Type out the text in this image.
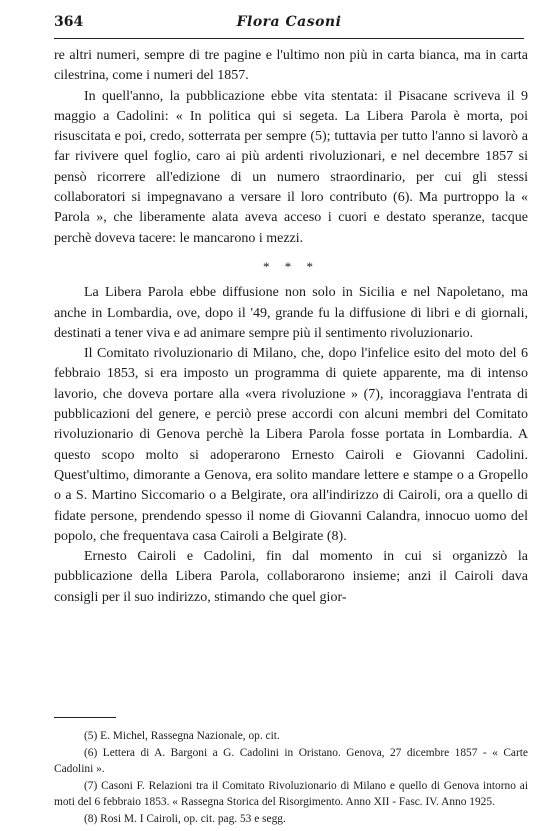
364	Flora Casoni

re altri numeri, sempre di tre pagine e l'ultimo non più in carta bianca, ma in carta cilestrina, come i numeri del 1857.

In quell'anno, la pubblicazione ebbe vita stentata: il Pisacane scriveva il 9 maggio a Cadolini: « In politica qui si segeta. La Libera Parola è morta, poi risuscitata e poi, credo, sotterrata per sempre (5); tuttavia per tutto l'anno si lavorò a far rivivere quel foglio, caro ai più ardenti rivoluzionari, e nel decembre 1857 si pensò ricorrere all'edizione di un numero straordinario, per cui gli stessi collaboratori si impegnavano a versare il loro contributo (6). Ma purtroppo la « Parola », che liberamente alata aveva acceso i cuori e destato speranze, tacque perchè doveva tacere: le mancarono i mezzi.

* * *

La Libera Parola ebbe diffusione non solo in Sicilia e nel Napoletano, ma anche in Lombardia, ove, dopo il '49, grande fu la diffusione di libri e di giornali, destinati a tener viva e ad animare sempre più il sentimento rivoluzionario.

Il Comitato rivoluzionario di Milano, che, dopo l'infelice esito del moto del 6 febbraio 1853, si era imposto un programma di quiete apparente, ma di intenso lavorio, che doveva portare alla «vera rivoluzione » (7), incoraggiava l'entrata di pubblicazioni del genere, e perciò prese accordi con alcuni membri del Comitato rivoluzionario di Genova perchè la Libera Parola fosse portata in Lombardia. A questo scopo molto si adoperarono Ernesto Cairoli e Giovanni Cadolini. Quest'ultimo, dimorante a Genova, era solito mandare lettere e stampe o a Gropello o a S. Martino Siccomario o a Belgirate, ora all'indirizzo di Cairoli, ora a quello di fidate persone, prendendo spesso il nome di Giovanni Calandra, innocuo uomo del popolo, che frequentava casa Cairoli a Belgirate (8).

Ernesto Cairoli e Cadolini, fin dal momento in cui si organizzò la pubblicazione della Libera Parola, collaborarono insieme; anzi il Cairoli dava consigli per il suo indirizzo, stimando che quel gior-

(5) E. Michel, Rassegna Nazionale, op. cit.

(6) Lettera di A. Bargoni a G. Cadolini in Oristano. Genova, 27 dicembre 1857 - « Carte Cadolini ».

(7) Casoni F. Relazioni tra il Comitato Rivoluzionario di Milano e quello di Genova intorno ai moti del 6 febbraio 1853. « Rassegna Storica del Risorgimento. Anno XII - Fasc. IV. Anno 1925.

(8) Rosi M. I Cairoli, op. cit. pag. 53 e segg.
